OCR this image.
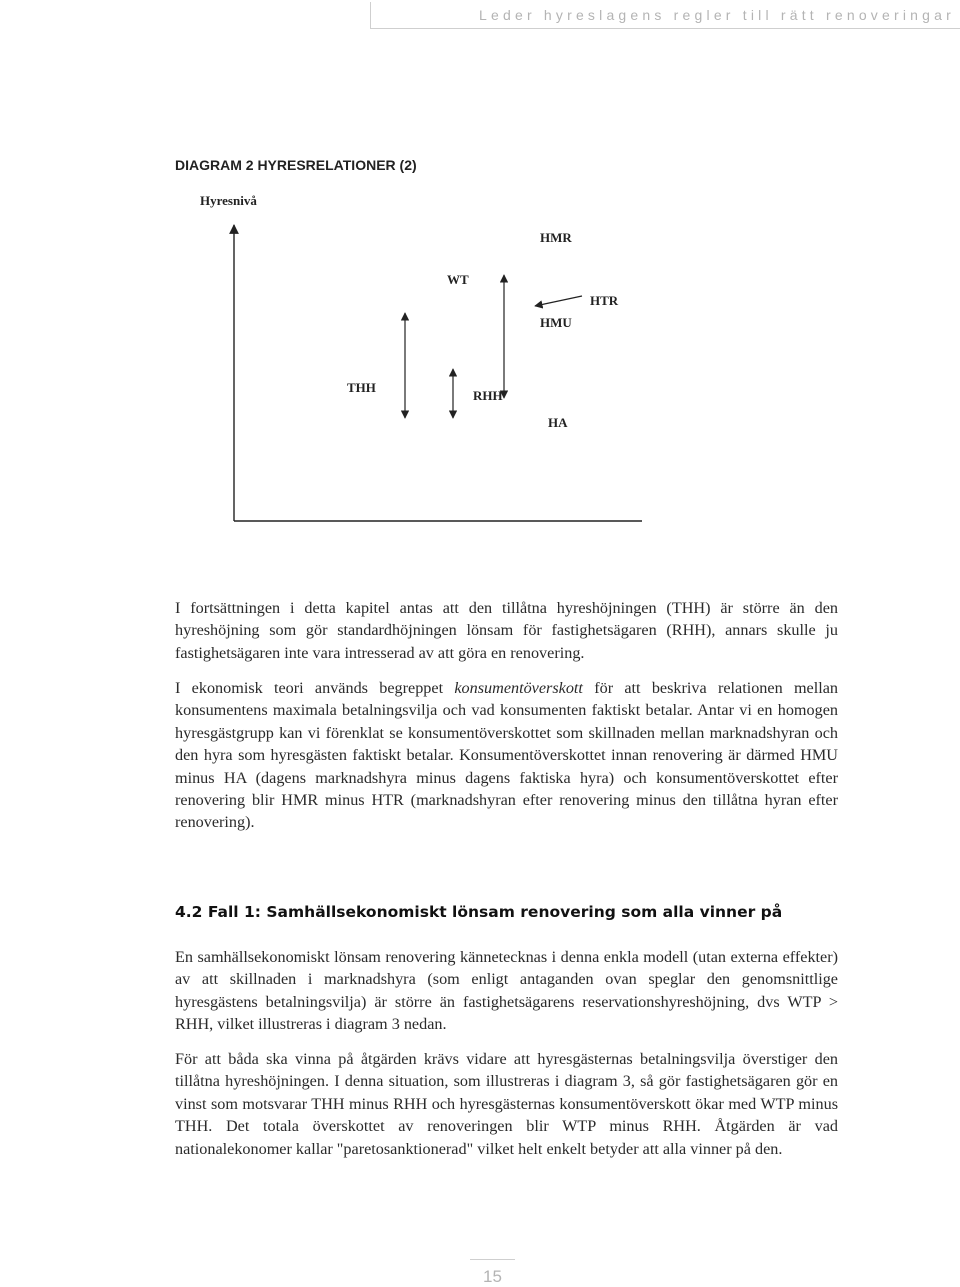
Leder hyreslagens regler till rätt renoveringar
DIAGRAM 2 HYRESRELATIONER (2)
Hyresnivå
HMR
WT
HTR
HMU
THH
RHH
HA

I fortsättningen i detta kapitel antas att den tillåtna hyreshöjningen (THH) är större än den hyreshöjning som gör standardhöjningen lönsam för fastighetsägaren (RHH), annars skulle ju fastighetsägaren inte vara intresserad av att göra en renovering.

I ekonomisk teori används begreppet konsumentöverskott för att beskriva relationen mellan konsumentens maximala betalningsvilja och vad konsumenten faktiskt betalar. Antar vi en homogen hyresgästgrupp kan vi förenklat se konsumentöverskottet som skillnaden mellan marknadshyran och den hyra som hyresgästen faktiskt betalar. Konsumentöverskottet innan renovering är därmed HMU minus HA (dagens marknadshyra minus dagens faktiska hyra) och konsumentöverskottet efter renovering blir HMR minus HTR (marknadshyran efter renovering minus den tillåtna hyran efter renovering).

4.2 Fall 1: Samhällsekonomiskt lönsam renovering som alla vinner på

En samhällsekonomiskt lönsam renovering kännetecknas i denna enkla modell (utan externa effekter) av att skillnaden i marknadshyra (som enligt antaganden ovan speglar den genomsnittlige hyresgästens betalningsvilja) är större än fastighetsägarens reservationshyreshöjning, dvs WTP > RHH, vilket illustreras i diagram 3 nedan.

För att båda ska vinna på åtgärden krävs vidare att hyresgästernas betalningsvilja överstiger den tillåtna hyreshöjningen. I denna situation, som illustreras i diagram 3, så gör fastighetsägaren gör en vinst som motsvarar THH minus RHH och hyresgästernas konsumentöverskott ökar med WTP minus THH. Det totala överskottet av renoveringen blir WTP minus RHH. Åtgärden är vad nationalekonomer kallar "paretosanktionerad" vilket helt enkelt betyder att alla vinner på den.

15
